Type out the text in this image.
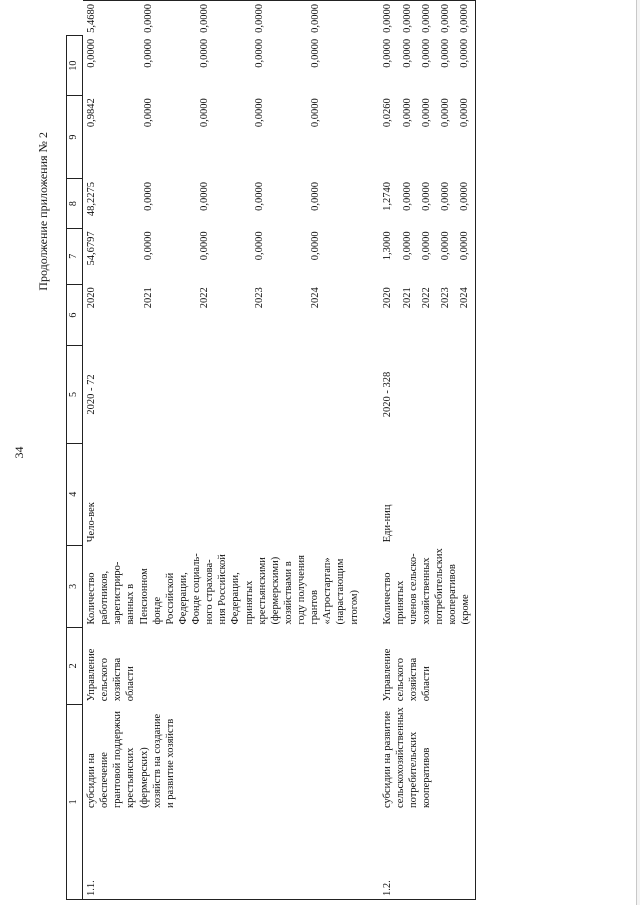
34
Продолжение приложения № 2
1		2	3	4	5	6	7	8	9	10	
1.1.	субсидии на обеспечение грантовой поддержки крестьянских (фермерских) хозяйств на создание и развитие хозяйств	Управление сельского хозяйства области	Количество работников, зарегистриро-ванных в Пенсионном фонде Российской Федерации, Фонде социаль-ного страхова-ния Российской Федерации, принятых крестьянскими (фермерскими) хозяйствами в году получения грантов «Агростартап» (нарастающим итогом)	Чело-век	2020 - 72	2020	54,6797	48,2275	0,9842	0,0000	5,4680
						2021	0,0000	0,0000	0,0000	0,0000	0,0000
						2022	0,0000	0,0000	0,0000	0,0000	0,0000
						2023	0,0000	0,0000	0,0000	0,0000	0,0000
						2024	0,0000	0,0000	0,0000	0,0000	0,0000
1.2.	субсидии на развитие сельскохозяйственных потребительских кооперативов	Управление сельского хозяйства области	Количество принятых членов сельско-хозяйственных потребительских кооперативов (кроме	Еди-ниц	2020 - 328	2020	1,3000	1,2740	0,0260	0,0000	0,0000
						2021	0,0000	0,0000	0,0000	0,0000	0,0000
						2022	0,0000	0,0000	0,0000	0,0000	0,0000
						2023	0,0000	0,0000	0,0000	0,0000	0,0000
						2024	0,0000	0,0000	0,0000	0,0000	0,0000
